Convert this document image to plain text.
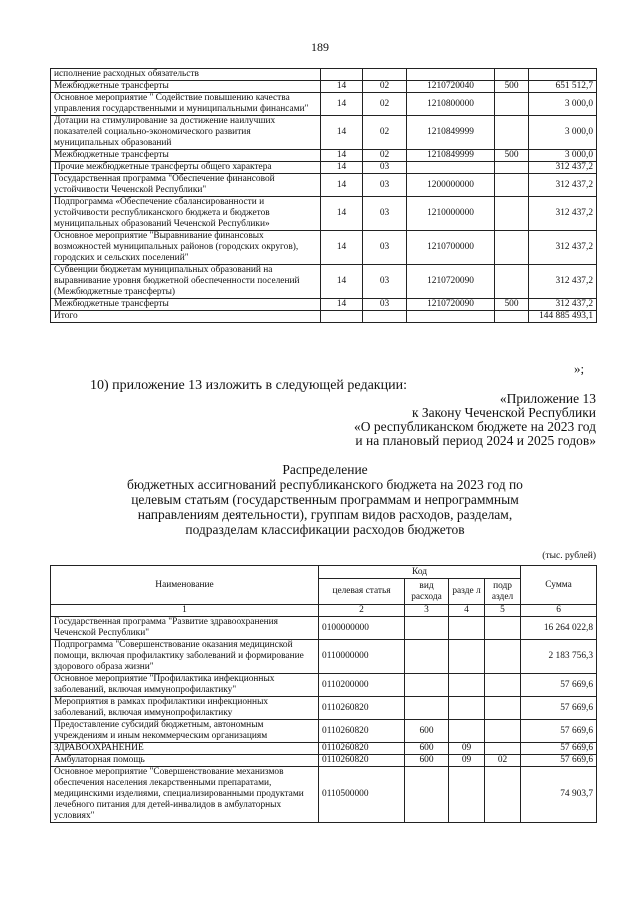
189
исполнение расходных обязательств					
Межбюджетные трансферты	14	02	1210720040	500	651 512,7
Основное мероприятие " Содействие повышению качества управления государственными и муниципальными финансами"	14	02	1210800000		3 000,0
Дотации на стимулирование за достижение наилучших показателей социально-экономического развития муниципальных образований	14	02	1210849999		3 000,0
Межбюджетные трансферты	14	02	1210849999	500	3 000,0
Прочие межбюджетные трансферты общего характера	14	03			312 437,2
Государственная программа "Обеспечение финансовой устойчивости Чеченской Республики"	14	03	1200000000		312 437,2
Подпрограмма «Обеспечение сбалансированности и устойчивости республиканского бюджета и бюджетов муниципальных образований Чеченской Республики»	14	03	1210000000		312 437,2
Основное мероприятие "Выравнивание финансовых возможностей муниципальных районов (городских округов), городских и сельских поселений"	14	03	1210700000		312 437,2
Субвенции бюджетам муниципальных образований на выравнивание уровня бюджетной обеспеченности поселений (Межбюджетные трансферты)	14	03	1210720090		312 437,2
Межбюджетные трансферты	14	03	1210720090	500	312 437,2
Итого					144 885 493,1
»;
10) приложение 13 изложить в следующей редакции:
«Приложение 13
к Закону Чеченской Республики
«О республиканском бюджете на 2023 год
и на плановый период 2024 и 2025 годов»
Распределение
бюджетных ассигнований республиканского бюджета на 2023 год по
целевым статьям (государственным программам и непрограммным
направлениям деятельности), группам видов расходов, разделам,
подразделам классификации расходов бюджетов
(тыс. рублей)
Наименование	Код				Сумма
	целевая статья	вид расхода	разде л	подр аздел	
1	2	3	4	5	6
Государственная программа "Развитие здравоохранения Чеченской Республики"	0100000000				16 264 022,8
Подпрограмма "Совершенствование оказания медицинской помощи, включая профилактику заболеваний и формирование здорового образа жизни"	0110000000				2 183 756,3
Основное мероприятие "Профилактика инфекционных заболеваний, включая иммунопрофилактику"	0110200000				57 669,6
Мероприятия в рамках профилактики инфекционных заболеваний, включая иммунопрофилактику	0110260820				57 669,6
Предоставление субсидий бюджетным, автономным учреждениям и иным некоммерческим организациям	0110260820	600			57 669,6
ЗДРАВООХРАНЕНИЕ	0110260820	600	09		57 669,6
Амбулаторная помощь	0110260820	600	09	02	57 669,6
Основное мероприятие "Совершенствование механизмов обеспечения населения лекарственными препаратами, медицинскими изделиями, специализированными продуктами лечебного питания для детей-инвалидов в амбулаторных условиях"	0110500000				74 903,7
